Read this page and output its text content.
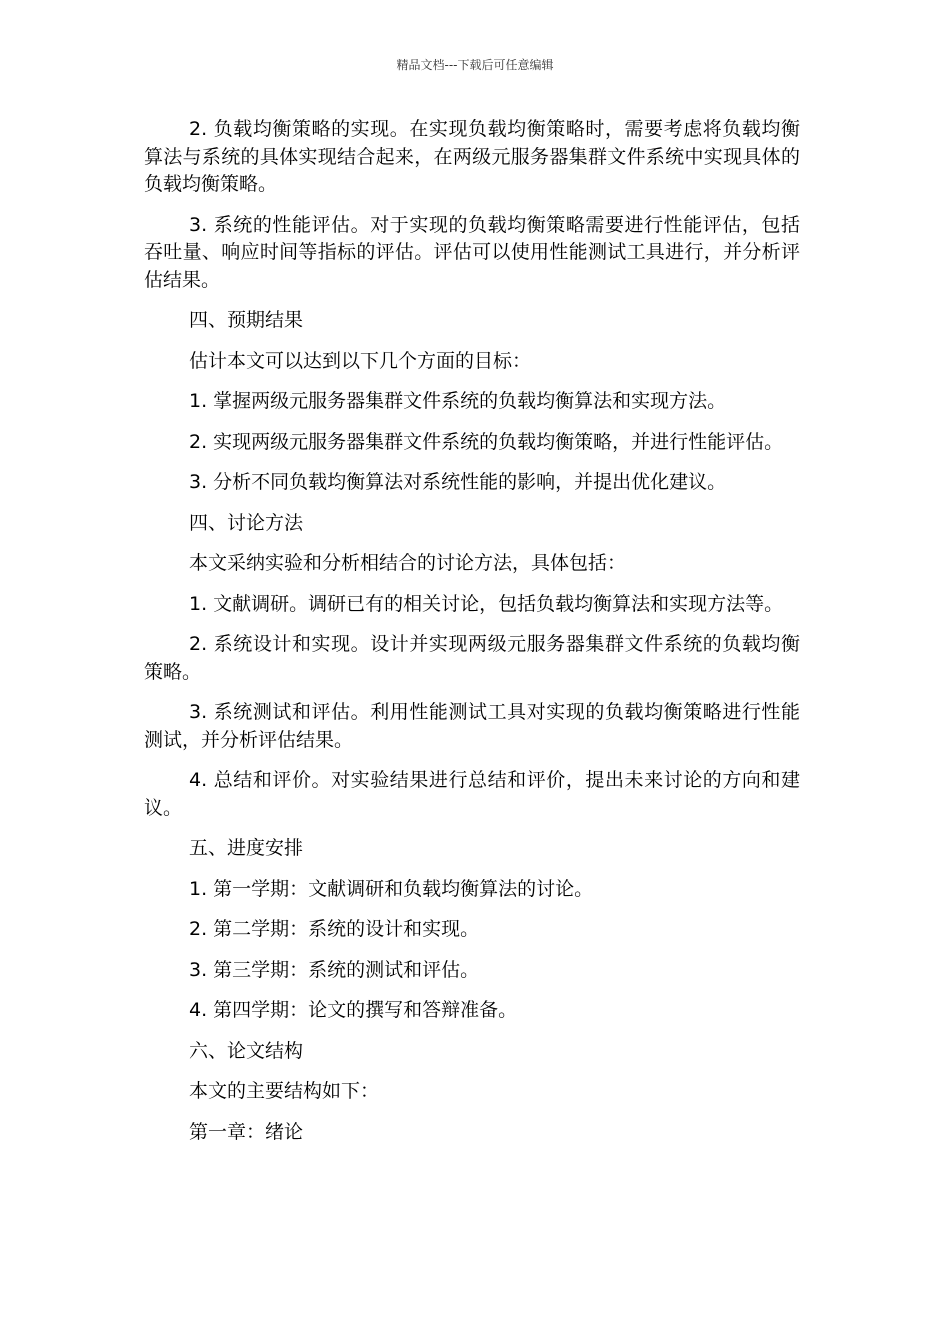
精品文档---下载后可任意编辑

2. 负载均衡策略的实现。在实现负载均衡策略时，需要考虑将负载均衡算法与系统的具体实现结合起来，在两级元服务器集群文件系统中实现具体的负载均衡策略。

3. 系统的性能评估。对于实现的负载均衡策略需要进行性能评估，包括吞吐量、响应时间等指标的评估。评估可以使用性能测试工具进行，并分析评估结果。

四、预期结果

估计本文可以达到以下几个方面的目标：

1. 掌握两级元服务器集群文件系统的负载均衡算法和实现方法。

2. 实现两级元服务器集群文件系统的负载均衡策略，并进行性能评估。

3. 分析不同负载均衡算法对系统性能的影响，并提出优化建议。

四、讨论方法

本文采纳实验和分析相结合的讨论方法，具体包括：

1. 文献调研。调研已有的相关讨论，包括负载均衡算法和实现方法等。

2. 系统设计和实现。设计并实现两级元服务器集群文件系统的负载均衡策略。

3. 系统测试和评估。利用性能测试工具对实现的负载均衡策略进行性能测试，并分析评估结果。

4. 总结和评价。对实验结果进行总结和评价，提出未来讨论的方向和建议。

五、进度安排

1. 第一学期：文献调研和负载均衡算法的讨论。

2. 第二学期：系统的设计和实现。

3. 第三学期：系统的测试和评估。

4. 第四学期：论文的撰写和答辩准备。

六、论文结构

本文的主要结构如下：

第一章：绪论
